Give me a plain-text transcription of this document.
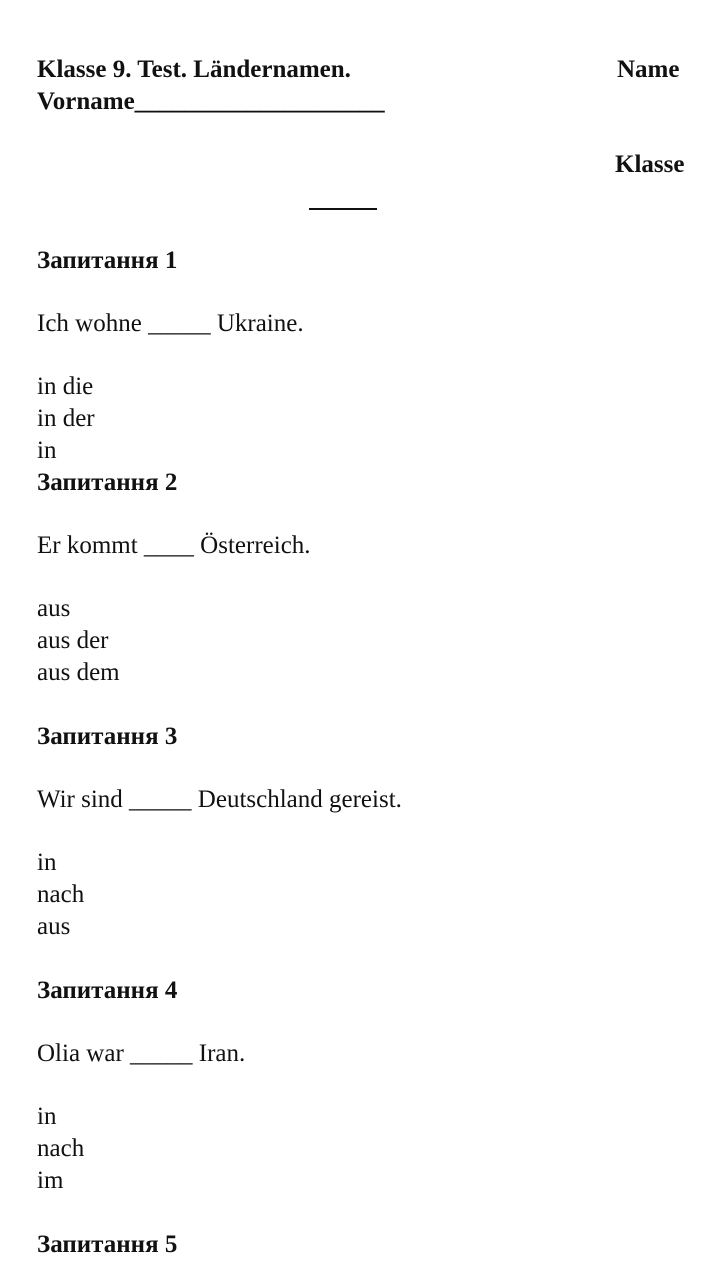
Klasse 9. Test. Ländernamen.	Name
Vorname____________________
Klasse
Запитання 1
Ich wohne _____ Ukraine.
in die
in der
in
Запитання 2
Er kommt ____ Österreich.
aus
aus der
aus dem
Запитання 3
Wir sind _____ Deutschland gereist.
in
nach
aus
Запитання 4
Olia war _____ Iran.
in
nach
im
Запитання 5
